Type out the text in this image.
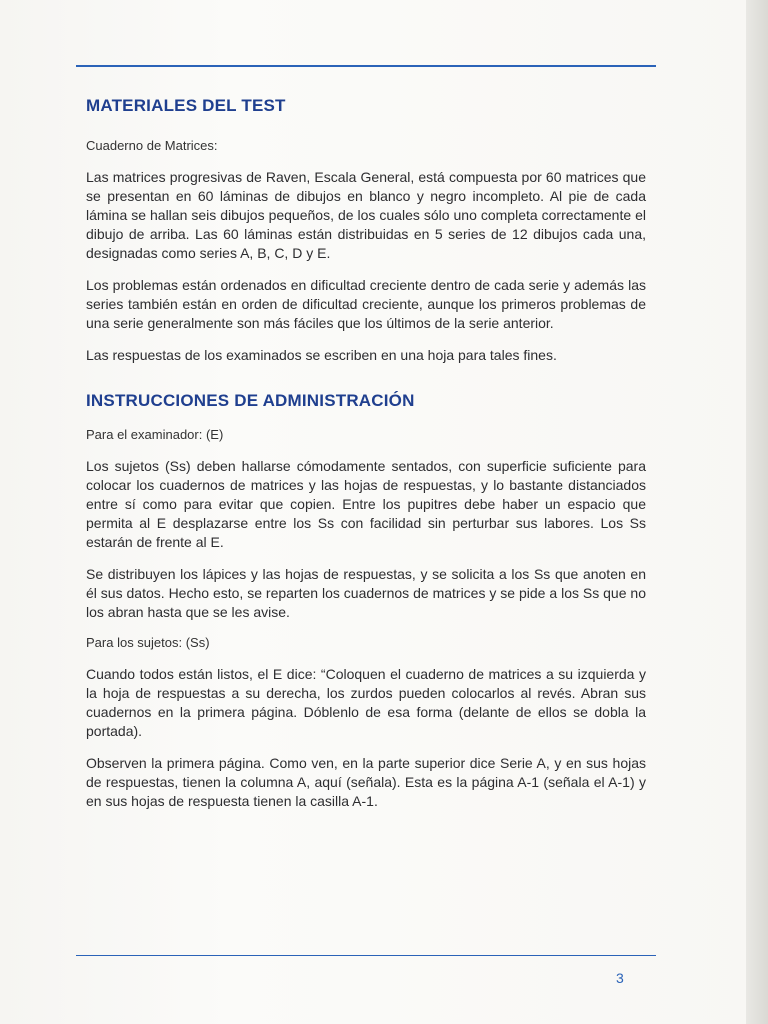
MATERIALES DEL TEST
Cuaderno de Matrices:

Las matrices progresivas de Raven, Escala General, está compuesta por 60 matrices que se presentan en 60 láminas de dibujos en blanco y negro incompleto. Al pie de cada lámina se hallan seis dibujos pequeños, de los cuales sólo uno completa correctamente el dibujo de arriba. Las 60 láminas están distribuidas en 5 series de 12 dibujos cada una, designadas como series A, B, C, D y E.

Los problemas están ordenados en dificultad creciente dentro de cada serie y además las series también están en orden de dificultad creciente, aunque los primeros problemas de una serie generalmente son más fáciles que los últimos de la serie anterior.

Las respuestas de los examinados se escriben en una hoja para tales fines.

INSTRUCCIONES DE ADMINISTRACIÓN
Para el examinador: (E)

Los sujetos (Ss) deben hallarse cómodamente sentados, con superficie suficiente para colocar los cuadernos de matrices y las hojas de respuestas, y lo bastante distanciados entre sí como para evitar que copien. Entre los pupitres debe haber un espacio que permita al E desplazarse entre los Ss con facilidad sin perturbar sus labores. Los Ss estarán de frente al E.

Se distribuyen los lápices y las hojas de respuestas, y se solicita a los Ss que anoten en él sus datos. Hecho esto, se reparten los cuadernos de matrices y se pide a los Ss que no los abran hasta que se les avise.

Para los sujetos: (Ss)

Cuando todos están listos, el E dice: “Coloquen el cuaderno de matrices a su izquierda y la hoja de respuestas a su derecha, los zurdos pueden colocarlos al revés. Abran sus cuadernos en la primera página. Dóblenlo de esa forma (delante de ellos se dobla la portada).

Observen la primera página. Como ven, en la parte superior dice Serie A, y en sus hojas de respuestas, tienen la columna A, aquí (señala). Esta es la página A-1 (señala el A-1) y en sus hojas de respuesta tienen la casilla A-1.

3
